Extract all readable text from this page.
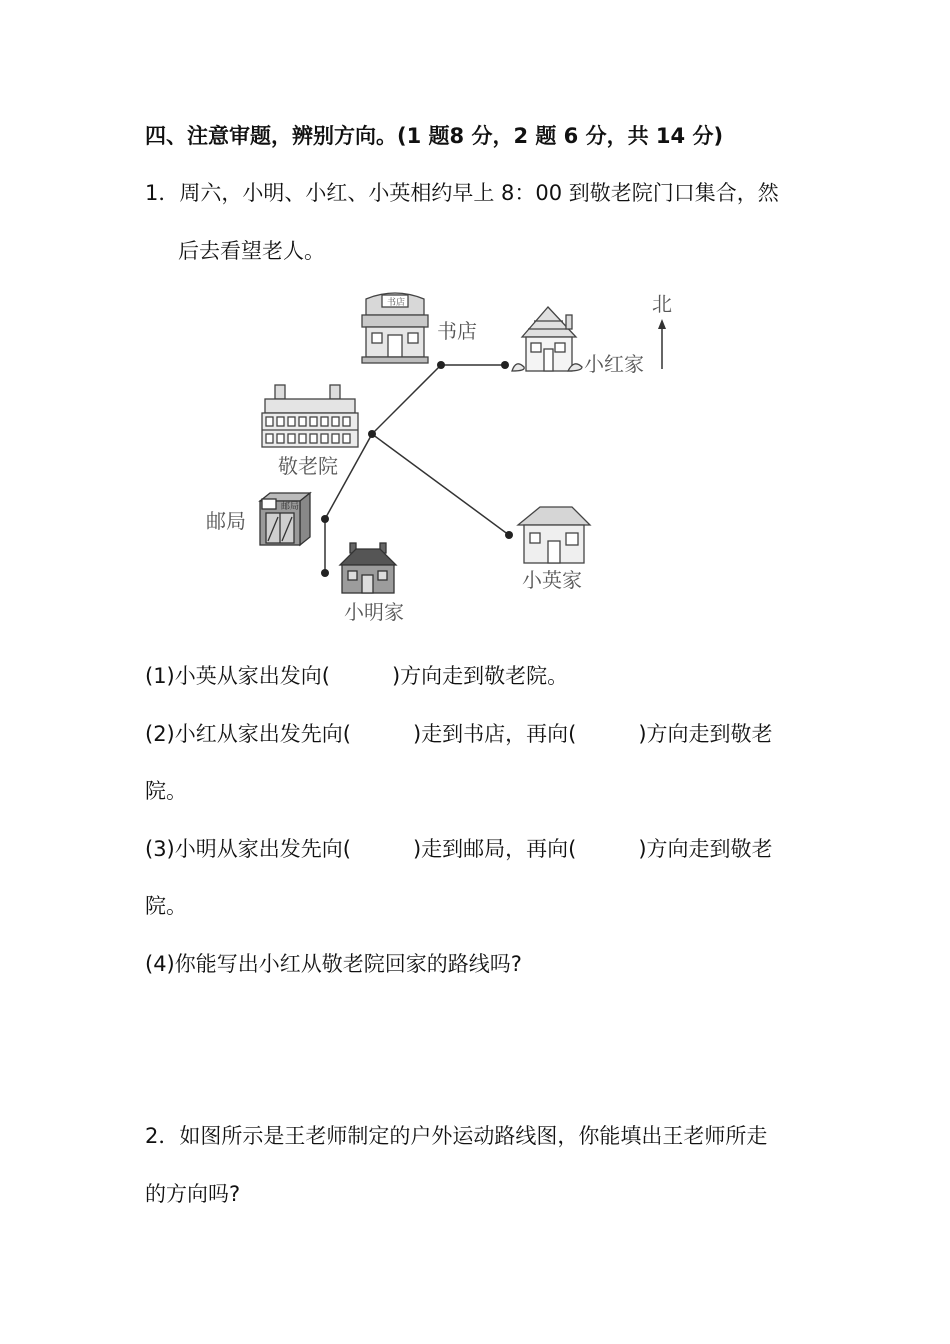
四、注意审题，辨别方向。(1 题8 分，2 题 6 分，共 14 分)
1．周六，小明、小红、小英相约早上 8：00 到敬老院门口集合，然
后去看望老人。
北
书店
书店
小红家
敬老院
邮局
邮局
小明家
小英家
(1)小英从家出发向(	)方向走到敬老院。
(2)小红从家出发先向(	)走到书店，再向(	)方向走到敬老
院。
(3)小明从家出发先向(	)走到邮局，再向(	)方向走到敬老
院。
(4)你能写出小红从敬老院回家的路线吗?
2．如图所示是王老师制定的户外运动路线图，你能填出王老师所走
的方向吗?
